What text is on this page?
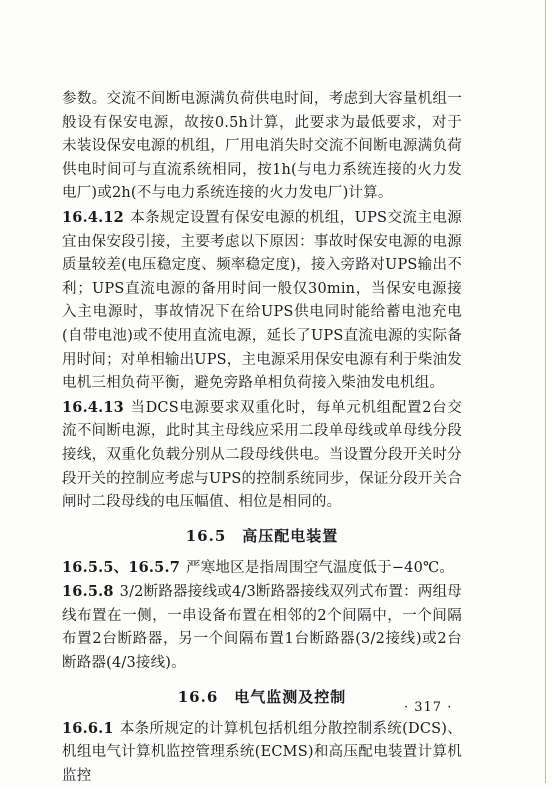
参数。交流不间断电源满负荷供电时间，考虑到大容量机组一般设有保安电源，故按0.5h计算，此要求为最低要求，对于未装设保安电源的机组，厂用电消失时交流不间断电源满负荷供电时间可与直流系统相同，按1h(与电力系统连接的火力发电厂)或2h(不与电力系统连接的火力发电厂)计算。

16.4.12 本条规定设置有保安电源的机组，UPS交流主电源宜由保安段引接，主要考虑以下原因：事故时保安电源的电源质量较差(电压稳定度、频率稳定度)，接入旁路对UPS输出不利；UPS直流电源的备用时间一般仅30min，当保安电源接入主电源时，事故情况下在给UPS供电同时能给蓄电池充电(自带电池)或不使用直流电源，延长了UPS直流电源的实际备用时间；对单相输出UPS，主电源采用保安电源有利于柴油发电机三相负荷平衡，避免旁路单相负荷接入柴油发电机组。

16.4.13 当DCS电源要求双重化时，每单元机组配置2台交流不间断电源，此时其主母线应采用二段单母线或单母线分段接线，双重化负载分别从二段母线供电。当设置分段开关时分段开关的控制应考虑与UPS的控制系统同步，保证分段开关合闸时二段母线的电压幅值、相位是相同的。

16.5　高压配电装置

16.5.5、16.5.7 严寒地区是指周围空气温度低于−40℃。

16.5.8 3/2断路器接线或4/3断路器接线双列式布置：两组母线布置在一侧，一串设备布置在相邻的2个间隔中，一个间隔布置2台断路器，另一个间隔布置1台断路器(3/2接线)或2台断路器(4/3接线)。

16.6　电气监测及控制

16.6.1 本条所规定的计算机包括机组分散控制系统(DCS)、机组电气计算机监控管理系统(ECMS)和高压配电装置计算机监控

· 317 ·
